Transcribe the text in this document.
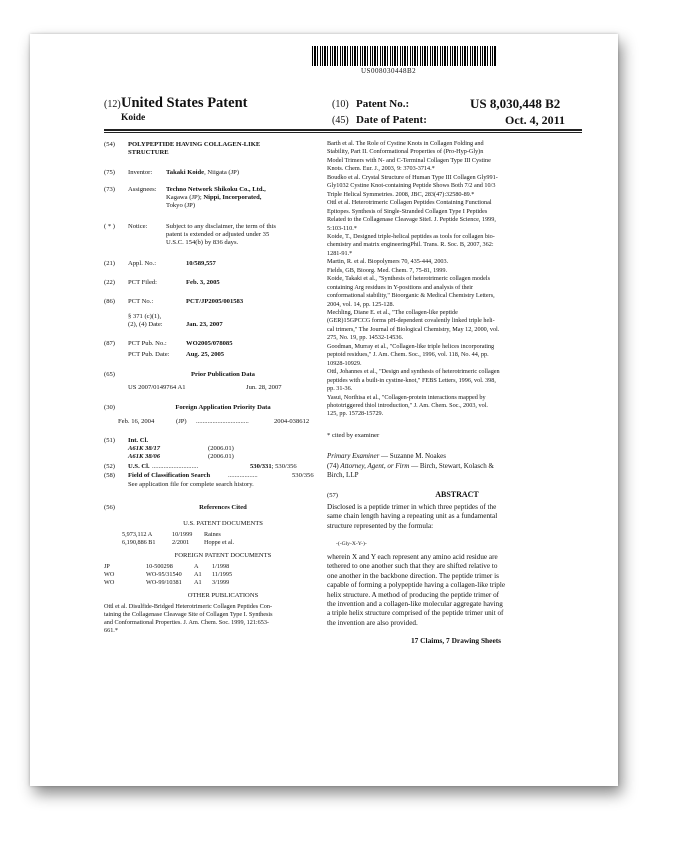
US008030448B2
(12) United States Patent
Koide
(10) Patent No.:	US 8,030,448 B2
(45) Date of Patent:	Oct. 4, 2011
(54) POLYPEPTIDE HAVING COLLAGEN-LIKE
STRUCTURE
(75) Inventor: Takaki Koide, Niigata (JP)
(73) Assignees: Techno Network Shikoku Co., Ltd.,
Kagawa (JP); Nippi, Incorporated,
Tokyo (JP)
( * ) Notice:	Subject to any disclaimer, the term of this
patent is extended or adjusted under 35
U.S.C. 154(b) by 836 days.
(21) Appl. No.:	10/589,557
(22) PCT Filed:	Feb. 3, 2005
(86) PCT No.:	PCT/JP2005/001583
§ 371 (c)(1),
(2), (4) Date:	Jan. 23, 2007
(87) PCT Pub. No.:	WO2005/078085
PCT Pub. Date:	Aug. 25, 2005
(65)	Prior Publication Data
US 2007/0149764 A1	Jun. 28, 2007
(30)	Foreign Application Priority Data
Feb. 16, 2004	(JP) ................................	2004-038612
(51) Int. Cl.
A61K 38/17	(2006.01)
A61K 38/06	(2006.01)
(52) U.S. Cl. ............................	530/331; 530/356
(58) Field of Classification Search	..................	530/356
See application file for complete search history.
(56)	References Cited
U.S. PATENT DOCUMENTS
5,973,112 A	10/1999 Raines
6,190,886 B1	2/2001 Hoppe et al.
FOREIGN PATENT DOCUMENTS
JP	10-500298	A 1/1998
WO	WO-95/31540 A1 11/1995
WO	WO-99/10381 A1 3/1999
OTHER PUBLICATIONS
Ottl et al. Disulfide-Bridged Heterotrimeric Collagen Peptides Con-
taining the Collagenase Cleavage Site of Collagen Type I. Synthesis
and Conformational Properties. J. Am. Chem. Soc. 1999, 121:653-
661.*
Barth et al. The Role of Cystine Knots in Collagen Folding and
Stability, Part II. Conformational Properties of (Pro-Hyp-Gly)n
Model Trimers with N- and C-Terminal Collagen Type III Cystine
Knots. Chem. Eur. J., 2003, 9: 3703-3714.*
Boudko et al. Crystal Structure of Human Type III Collagen Gly991-
Gly1032 Cystine Knot-containing Peptide Shows Both 7/2 and 10/3
Triple Helical Symmetries. 2008, JBC, 283(47):32580-89.*
Ottl et al. Heterotrimeric Collagen Peptides Containing Functional
Epitopes. Synthesis of Single-Stranded Collagen Type I Peptides
Related to the Collagenase Cleavage SiteI. J. Peptide Science, 1999,
5:103-110.*
Koide, T., Designed triple-helical peptides as tools for collagen bio-
chemistry and matrix engineeringPhil. Trans. R. Soc. B, 2007, 362:
1281-91.*
Martin, R. et al. Biopolymers 70, 435-444, 2003.
Fields, GB, Bioorg. Med. Chem. 7, 75-81, 1999.
Koide, Takaki et al., "Synthesis of heterotrimeric collagen models
containing Arg residues in Y-positions and analysis of their
conformational stability," Bioorganic & Medical Chemistry Letters,
2004, vol. 14, pp. 125-128.
Mechling, Diane E. et al., "The collagen-like peptide
(GER)15GPCCG forms pH-dependent covalently linked triple heli-
cal trimers," The Journal of Biological Chemistry, May 12, 2000, vol.
275, No. 19, pp. 14532-14536.
Goodman, Murray et al., "Collagen-like triple helices incorporating
peptoid residues," J. Am. Chem. Soc., 1996, vol. 118, No. 44, pp.
10928-10929.
Ottl, Johannes et al., "Design and synthesis of heterotrimeric collagen
peptides with a built-in cystine-knot," FEBS Letters, 1996, vol. 398,
pp. 31-36.
Yasui, Norihisa et al., "Collagen-protein interactions mapped by
phototriggered thiol introduction," J. Am. Chem. Soc., 2003, vol.
125, pp. 15728-15729.
* cited by examiner
Primary Examiner — Suzanne M. Noakes
(74) Attorney, Agent, or Firm — Birch, Stewart, Kolasch &
Birch, LLP
(57)	ABSTRACT
Disclosed is a peptide trimer in which three peptides of the
same chain length having a repeating unit as a fundamental
structure represented by the formula:
-(-Gly-X-Y-)-
wherein X and Y each represent any amino acid residue are
tethered to one another such that they are shifted relative to
one another in the backbone direction. The peptide trimer is
capable of forming a polypeptide having a collagen-like triple
helix structure. A method of producing the peptide trimer of
the invention and a collagen-like molecular aggregate having
a triple helix structure comprised of the peptide trimer unit of
the invention are also provided.
17 Claims, 7 Drawing Sheets
